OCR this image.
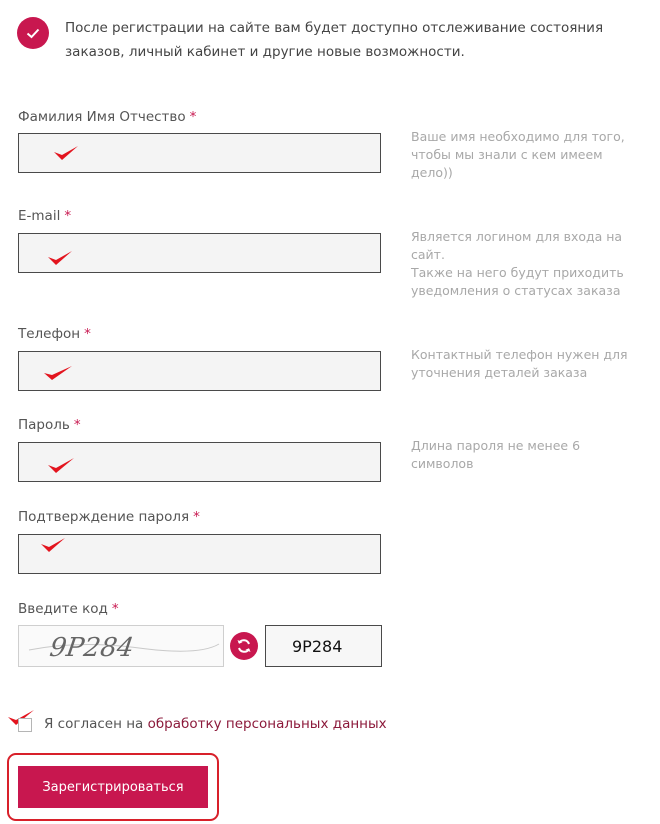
После регистрации на сайте вам будет доступно отслеживание состояния заказов, личный кабинет и другие новые возможности.
Фамилия Имя Отчество *
Ваше имя необходимо для того, чтобы мы знали с кем имеем дело))
E-mail *
Является логином для входа на сайт.
Также на него будут приходить уведомления о статусах заказа
Телефон *
Контактный телефон нужен для уточнения деталей заказа
Пароль *
Длина пароля не менее 6 символов
Подтверждение пароля *
Введите код *
9P284
9P284
Я согласен на обработку персональных данных
Зарегистрироваться
